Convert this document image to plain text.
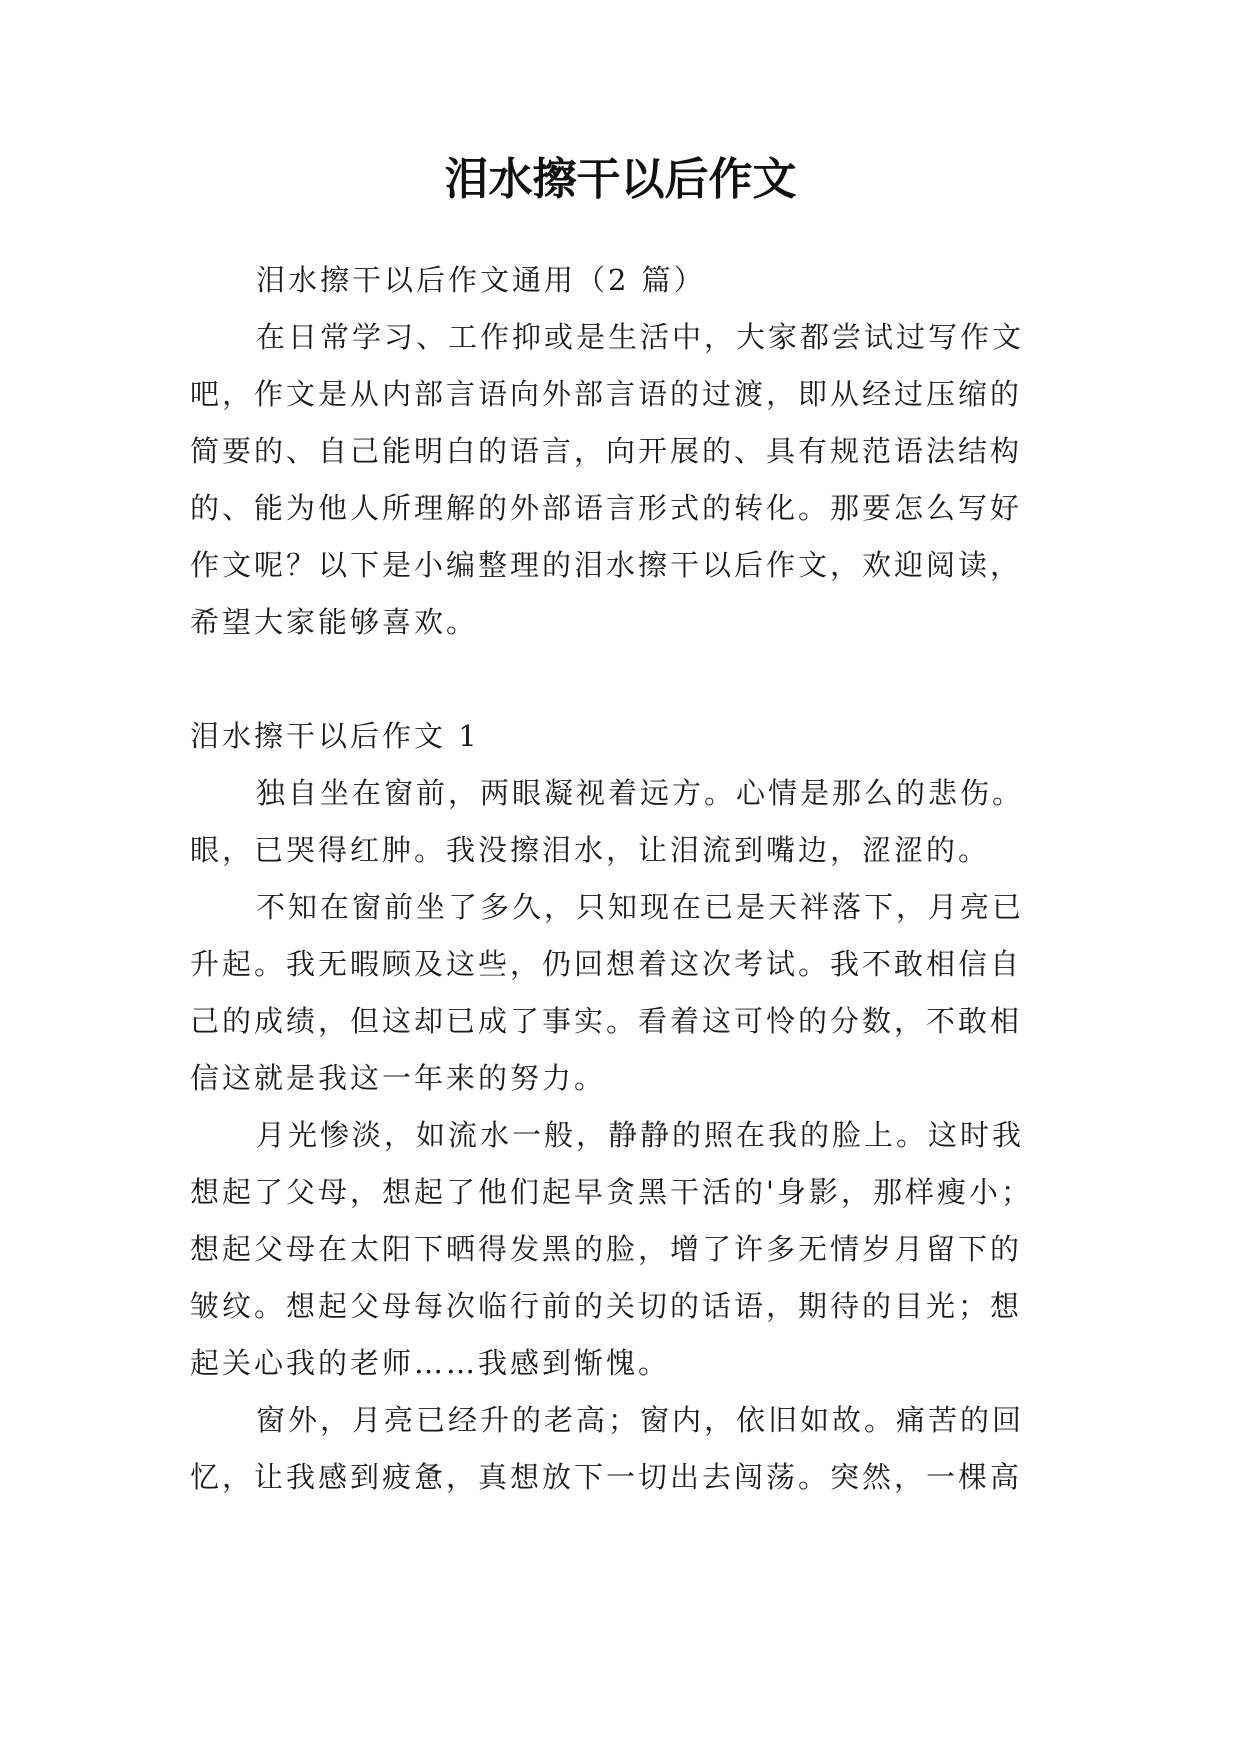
泪水擦干以后作文
泪水擦干以后作文通用（2 篇）
在日常学习、工作抑或是生活中，大家都尝试过写作文
吧，作文是从内部言语向外部言语的过渡，即从经过压缩的
简要的、自己能明白的语言，向开展的、具有规范语法结构
的、能为他人所理解的外部语言形式的转化。那要怎么写好
作文呢？以下是小编整理的泪水擦干以后作文，欢迎阅读，
希望大家能够喜欢。
泪水擦干以后作文 1
独自坐在窗前，两眼凝视着远方。心情是那么的悲伤。
眼，已哭得红肿。我没擦泪水，让泪流到嘴边，涩涩的。
不知在窗前坐了多久，只知现在已是天袢落下，月亮已
升起。我无暇顾及这些，仍回想着这次考试。我不敢相信自
己的成绩，但这却已成了事实。看着这可怜的分数，不敢相
信这就是我这一年来的努力。
月光惨淡，如流水一般，静静的照在我的脸上。这时我
想起了父母，想起了他们起早贪黑干活的'身影，那样瘦小；
想起父母在太阳下晒得发黑的脸，增了许多无情岁月留下的
皱纹。想起父母每次临行前的关切的话语，期待的目光；想
起关心我的老师……我感到惭愧。
窗外，月亮已经升的老高；窗内，依旧如故。痛苦的回
忆，让我感到疲惫，真想放下一切出去闯荡。突然，一棵高
